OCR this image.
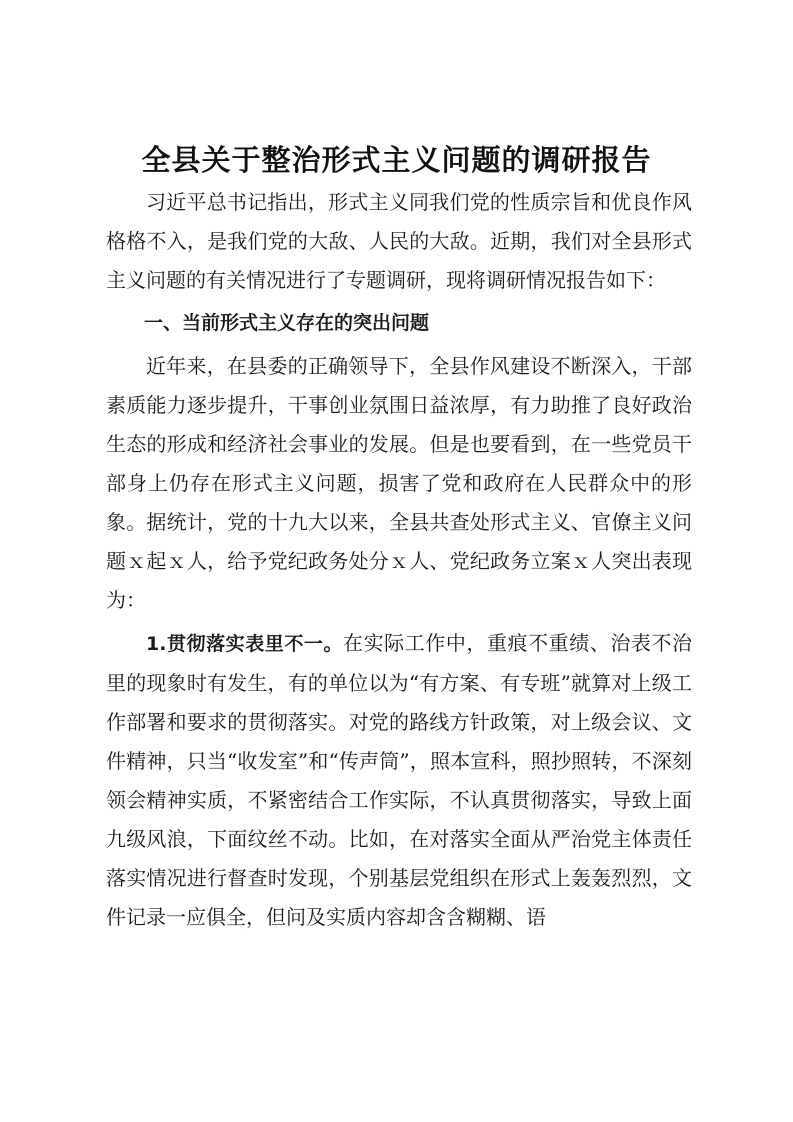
全县关于整治形式主义问题的调研报告

习近平总书记指出，形式主义同我们党的性质宗旨和优良作风格格不入，是我们党的大敌、人民的大敌。近期，我们对全县形式主义问题的有关情况进行了专题调研，现将调研情况报告如下：

一、当前形式主义存在的突出问题

近年来，在县委的正确领导下，全县作风建设不断深入，干部素质能力逐步提升，干事创业氛围日益浓厚，有力助推了良好政治生态的形成和经济社会事业的发展。但是也要看到，在一些党员干部身上仍存在形式主义问题，损害了党和政府在人民群众中的形象。据统计，党的十九大以来，全县共查处形式主义、官僚主义问题ｘ起ｘ人，给予党纪政务处分ｘ人、党纪政务立案ｘ人突出表现为：

1.贯彻落实表里不一。在实际工作中，重痕不重绩、治表不治里的现象时有发生，有的单位以为“有方案、有专班”就算对上级工作部署和要求的贯彻落实。对党的路线方针政策，对上级会议、文件精神，只当“收发室”和“传声筒”，照本宣科，照抄照转，不深刻领会精神实质，不紧密结合工作实际，不认真贯彻落实，导致上面九级风浪，下面纹丝不动。比如，在对落实全面从严治党主体责任落实情况进行督查时发现，个别基层党组织在形式上轰轰烈烈，文件记录一应俱全，但问及实质内容却含含糊糊、语
